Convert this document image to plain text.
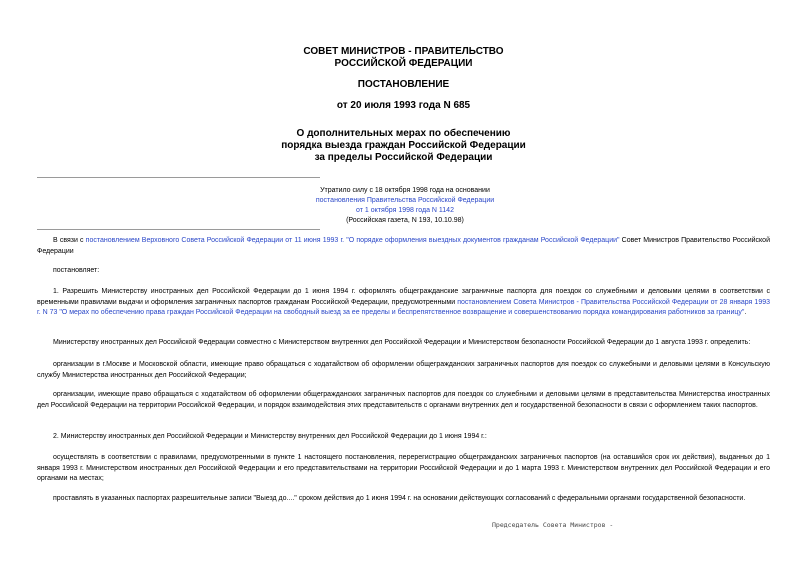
СОВЕТ МИНИСТРОВ - ПРАВИТЕЛЬСТВО
РОССИЙСКОЙ ФЕДЕРАЦИИ
ПОСТАНОВЛЕНИЕ
от 20 июля 1993 года N 685
О дополнительных мерах по обеспечению
порядка выезда граждан Российской Федерации
за пределы Российской Федерации
Утратило силу с 18 октября 1998 года на основании
постановления Правительства Российской Федерации
от 1 октября 1998 года N 1142
(Российская газета, N 193, 10.10.98)
В связи с постановлением Верховного Совета Российской Федерации от 11 июня 1993 г. "О порядке оформления выездных документов гражданам Российской Федерации" Совет Министров Правительство Российской Федерации
постановляет:
1. Разрешить Министерству иностранных дел Российской Федерации до 1 июня 1994 г. оформлять общегражданские заграничные паспорта для поездок со служебными и деловыми целями в соответствии с временными правилами выдачи и оформления заграничных паспортов гражданам Российской Федерации, предусмотренными постановлением Совета Министров - Правительства Российской Федерации от 28 января 1993 г. N 73 "О мерах по обеспечению права граждан Российской Федерации на свободный выезд за ее пределы и беспрепятственное возвращение и совершенствованию порядка командирования работников за границу".
Министерству иностранных дел Российской Федерации совместно с Министерством внутренних дел Российской Федерации и Министерством безопасности Российской Федерации до 1 августа 1993 г. определить:
организации в г.Москве и Московской области, имеющие право обращаться с ходатайством об оформлении общегражданских заграничных паспортов для поездок со служебными и деловыми целями в Консульскую службу Министерства иностранных дел Российской Федерации;
организации, имеющие право обращаться с ходатайством об оформлении общегражданских заграничных паспортов для поездок со служебными и деловыми целями в представительства Министерства иностранных дел Российской Федерации на территории Российской Федерации, и порядок взаимодействия этих представительств с органами внутренних дел и государственной безопасности в связи с оформлением таких паспортов.
2. Министерству иностранных дел Российской Федерации и Министерству внутренних дел Российской Федерации до 1 июня 1994 г.:
осуществлять в соответствии с правилами, предусмотренными в пункте 1 настоящего постановления, перерегистрацию общегражданских заграничных паспортов (на оставшийся срок их действия), выданных до 1 января 1993 г. Министерством иностранных дел Российской Федерации и его представительствами на территории Российской Федерации и до 1 марта 1993 г. Министерством внутренних дел Российской Федерации и его органами на местах;
проставлять в указанных паспортах разрешительные записи "Выезд до...." сроком действия до 1 июня 1994 г. на основании действующих согласований с федеральными органами государственной безопасности.
Председатель Совета Министров -
